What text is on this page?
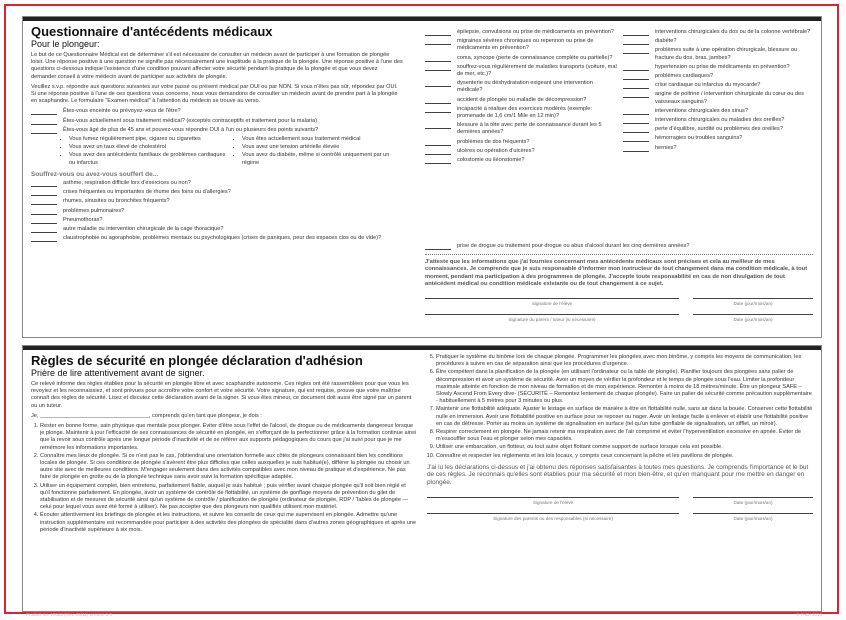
Questionnaire d'antécédents médicaux
Pour le plongeur:

Le but de ce Questionnaire Médical est de déterminer s'il est nécessaire de consulter un médecin avant de participer à une formation de plongée loisir. Une réponse positive à une question ne signifie pas nécessairement une inaptitude à la pratique de la plongée. Une réponse positive à l'une des questions ci-dessous indique l'existence d'une condition pouvant affecter votre sécurité pendant la pratique de la plongée et que vous devez demander conseil à votre médecin avant de participer aux activités de plongée.

Veuillez s.v.p. répondre aux questions suivantes sur votre passé ou présent médical par OUI ou par NON. Si vous n'êtes pas sûr, répondez par OUI. Si une réponse positive à l'une de ces questions vous concerne, nous vous demandons de consulter un médecin avant de prendre part à la plongée en scaphandre. Le formulaire "Examen médical" à l'attention du médecin se trouve au verso.

Êtes-vous enceinte ou prévoyez-vous de l'être?
Êtes-vous actuellement sous traitement médical? (exceptés contraceptifs et traitement pour la malaria)
Êtes-vous âgé de plus de 45 ans et pouvez-vous répondre OUI à l'un ou plusieurs des points suivants?
• Vous fumez régulièrement pipe, cigares ou cigarettes
• Vous avez un taux élevé de cholestérol
• Vous avez des antécédents familiaux de problèmes cardiaques ou infarctus
• Vous êtes actuellement sous traitement médical
• Vous avez une tension artérielle élevée
• Vous avez du diabète, même si contrôlé uniquement par un régime
Souffrez-vous ou avez-vous souffert de...
asthme, respiration difficile lors d'exercices ou non?
crises fréquentes ou importantes de rhume des foins ou d'allergies?
rhumes, sinusites ou bronchites fréquents?
problèmes pulmonaires?
Pneumothorax?
autre maladie ou intervention chirurgicale de la cage thoracique?
claustrophobie ou agoraphobie, problèmes mentaux ou psychologiques (crises de paniques, peur des espaces clos ou de vide)?
épilepsie, convulsions ou prise de médicaments en prévention?
migraines sévères chroniques ou repennon ou prise de médicaments en prévention?
coma, syncope (perte de connaissance complète ou partielle)?
souffrez-vous régulièrement de maladies transports (voiture, mal de mer, etc.)?
dysenterie ou déshydratation exigeant une intervention médicale?
accident de plongée ou maladie de décompression?
incapacité à réaliser des exercices modérés (exemple: promenade de 1,6 cm/1 Mile en 12 min)?
blessure à la tête avec perte de connaissance durant les 5 dernières années?
problèmes de dos fréquents?
ulcères ou opération d'ulcères?
colostomie ou iléonstomie?
interventions chirurgicales du dos ou de la colonne vertébrale?
diabète?
problèmes suite à une opération chirurgicale, blessure ou fracture du dos, bras, jambes?
hypertension ou prise de médicaments en prévention?
problèmes cardiaques?
crise cardiaque ou infarctus du myocarde?
angine de poitrine / intervention chirurgicale du cœur ou des vaisseaux sanguins?
interventions chirurgicales des sinus?
interventions chirurgicales ou maladies des oreilles?
perte d'équilibre, surdité ou problèmes des oreilles?
hémorragies ou troubles sanguins?
hernies?
prise de drogue ou traitement pour drogue ou abus d'alcool durant les cinq dernières années?
J'atteste que les informations que j'ai fournies concernant mes antécédents médicaux sont précises et cela au meilleur de mes connaissances. Je comprends que je suis responsable d'informer mon instructeur de tout changement dans ma condition médicale, à tout moment, pendant ma participation à des programmes de plongée. J'accepte toute responsabilité en cas de non divulgation de tout antécédent médical ou condition médicale existante ou de tout changement à ce sujet.
Signature de l'élève	Date (jour/mois/an)
Signature du parent / tuteur (si nécessaire)	Date (jour/mois/an)
Règles de sécurité en plongée déclaration d'adhésion
Prière de lire attentivement avant de signer.

Ce relevé informe des règles établies pour la sécurité en plongée libre et avec scaphandre autonome. Ces règles ont été rassemblées pour que vous les revoyiez et les reconnaissiez, et sont prévues pour accroître votre confort et votre sécurité. Votre signature, qui est requise, prouve que votre maîtrise connaît des règles de sécurité. Lisez et discutez cette déclaration avant de la signer. Si vous êtes mineur, ce document doit aussi être signé par un parent ou un tuteur.

Je, ___________________________________, comprends qu'en tant que plongeur, je dois :

1. Rester en bonne forme, sain physique que mentale pour plonger. Éviter d'être sous l'effet de l'alcool, de drogue ou de médicaments dangereux lorsque je plonge. Maintenir à jour l'efficacité de ses connaissances de sécurité en plongée, en s'efforçant de la perfectionner grâce à la formation continue ainsi que la revoir sous contrôle après une longue période d'inactivité et de se référer aux supports pédagogiques du cours que j'ai suivi pour que je me remémore les informations importantes.
2. Connaître mes lieux de plongée. Si ce n'est pas le cas, j'obtiendrai une orientation formelle aux côtés de plongeurs connaissant bien les conditions locales de plongée. Si ces conditions de plongée s'avèrent être plus difficiles que celles auxquelles je suis habitué(e), différer la plongée ou choisir un autre site avec de meilleures conditions. M'engager seulement dans des activités compatibles avec mon niveau de pratique et d'expérience. Ne pas faire de plongée en grotte ou de la plongée technique sans avoir suivi la formation spécifique adaptée.
3. Utiliser un équipement complet, bien entretenu, parfaitement fiable, auquel je suis habitué ; puis vérifier avant chaque plongée qu'il soit bien réglé et qu'il fonctionne parfaitement. En plongée, avoir un système de contrôle de flottabilité, un système de gonflage moyens de prévention du gilet de stabilisation et de mesures de sécurité ainsi qu'un système de contrôle / planification de plongée (ordinateur de plongée, RDP / Tables de plongée — celui pour lequel vous avez été formé à utiliser). Ne pas accepter que des plongeurs non qualifiés utilisent mon matériel.
4. Écouter attentivement les briefings de plongée et les instructions, et suivre les conseils de ceux qui me supervisent en plongée. Admettre qu'une instruction supplémentaire est recommandée pour participer à des activités des plongées de spécialité dans d'autres zones géographiques et après une période d'inactivité supérieure à six mois.
5. Pratiquer le système du binôme lors de chaque plongée. Programmer les plongées avec mon binôme, y compris les moyens de communication, les procédures à suivre en cas de séparation ainsi que les procédures d'urgence.
6. Être compétent dans la planification de la plongée (en utilisant l'ordinateur ou la table de plongée). Planifier toujours des plongées sans palier de décompression et avoir un système de sécurité. Avoir un moyen de vérifier la profondeur et le temps de plongée sous l'eau. Limiter la profondeur maximale atteinte en fonction de mon niveau de formation et de mon expérience. Remonter à moins de 18 mètres/minute. Être un plongeur SAFE – Slowly Ascend From Every dive- (SÉCURITÉ – Remontez lentement de chaque plongée). Faire un palier de sécurité comme précaution supplémentaire - habituellement à 5 mètres pour 3 minutes ou plus.
7. Maintenir une flottabilité adéquate. Ajuster le lestage en surface de manière à être en flottabilité nulle, sans air dans la bouée. Conserver cette flottabilité nulle en immersion. Avoir une flottabilité positive en surface pour se reposer ou nager. Avoir un lestage facile à enlever et établir une flottabilité positive en cas de détresse. Porter au moins un système de signalisation en surface (tel qu'un tube gonflable de signalisation, un sifflet, un miroir).
8. Respirer correctement en plongée. Ne jamais retenir ma respiration avec de l'air comprimé et éviter l'hyperventilation excessive en apnée. Éviter de m'essouffler sous l'eau et plonger selon mes capacités.
9. Utiliser une embarcation, un flotteur, ou tout autre objet flottant comme support de surface lorsque cela est possible.
10. Connaître et respecter les règlements et les lois locaux, y compris ceux concernant la pêche et les pavillons de plongée.
J'ai lu les déclarations ci-dessus et j'ai obtenu des réponses satisfaisantes à toutes mes questions. Je comprends l'importance et le but de ces règles. Je reconnais qu'elles sont établies pour ma sécurité et mon bien-être, et qu'en manquant pour me mettre en danger en plongée.
Signature de l'élève	Date (jour/mois/an)
Signature des parents ou des responsables (si nécessaire)	Date (jour/mois/an)
Product no. 10063 (Rev. 06/11) Version 1.0	© PADI 2010
